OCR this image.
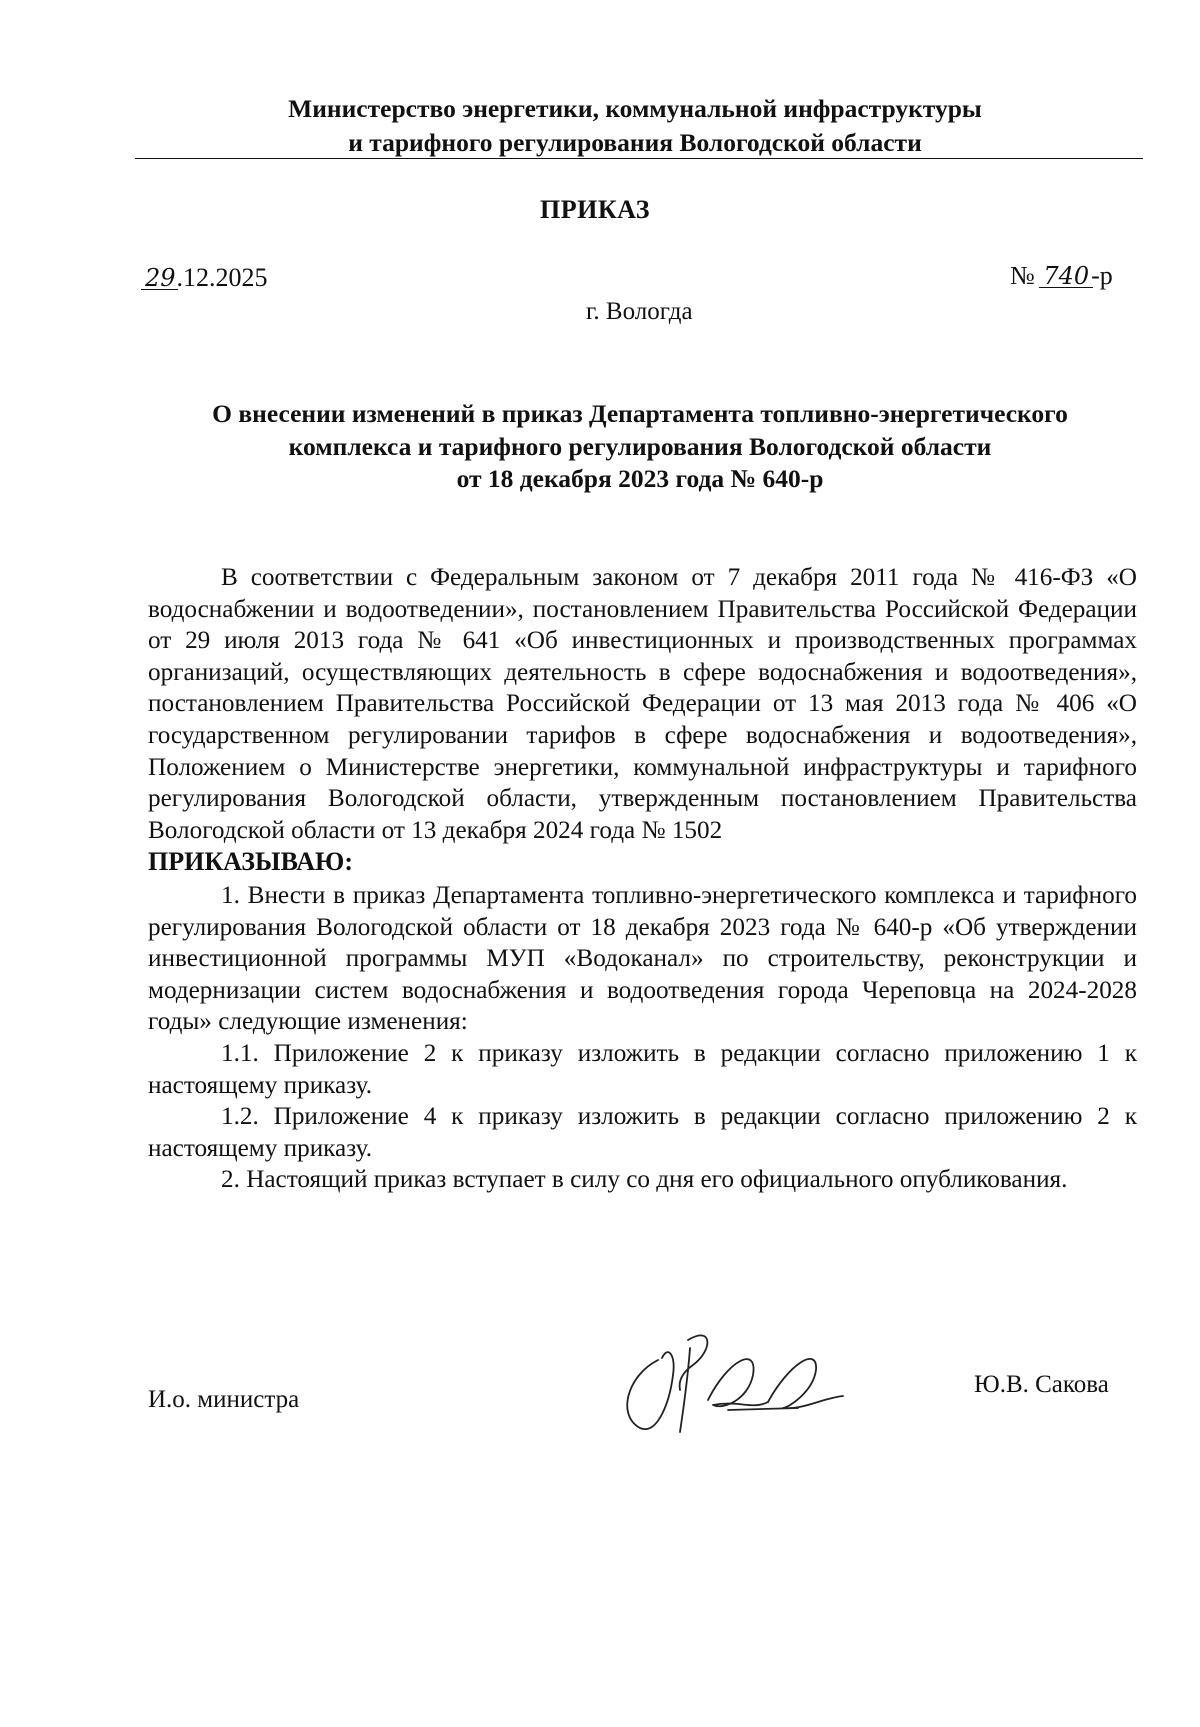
Министерство энергетики, коммунальной инфраструктуры
и тарифного регулирования Вологодской области
ПРИКАЗ
29.12.2025	№ 740-р
г. Вологда
О внесении изменений в приказ Департамента топливно-энергетического
комплекса и тарифного регулирования Вологодской области
от 18 декабря 2023 года № 640-р

В соответствии с Федеральным законом от 7 декабря 2011 года № 416-ФЗ «О водоснабжении и водоотведении», постановлением Правительства Российской Федерации от 29 июля 2013 года № 641 «Об инвестиционных и производственных программах организаций, осуществляющих деятельность в сфере водоснабжения и водоотведения», постановлением Правительства Российской Федерации от 13 мая 2013 года № 406 «О государственном регулировании тарифов в сфере водоснабжения и водоотведения», Положением о Министерстве энергетики, коммунальной инфраструктуры и тарифного регулирования Вологодской области, утвержденным постановлением Правительства Вологодской области от 13 декабря 2024 года № 1502

ПРИКАЗЫВАЮ:

1. Внести в приказ Департамента топливно-энергетического комплекса и тарифного регулирования Вологодской области от 18 декабря 2023 года № 640-р «Об утверждении инвестиционной программы МУП «Водоканал» по строительству, реконструкции и модернизации систем водоснабжения и водоотведения города Череповца на 2024-2028 годы» следующие изменения:

1.1. Приложение 2 к приказу изложить в редакции согласно приложению 1 к настоящему приказу.

1.2. Приложение 4 к приказу изложить в редакции согласно приложению 2 к настоящему приказу.

2. Настоящий приказ вступает в силу со дня его официального опубликования.

И.о. министра
Ю.В. Сакова
